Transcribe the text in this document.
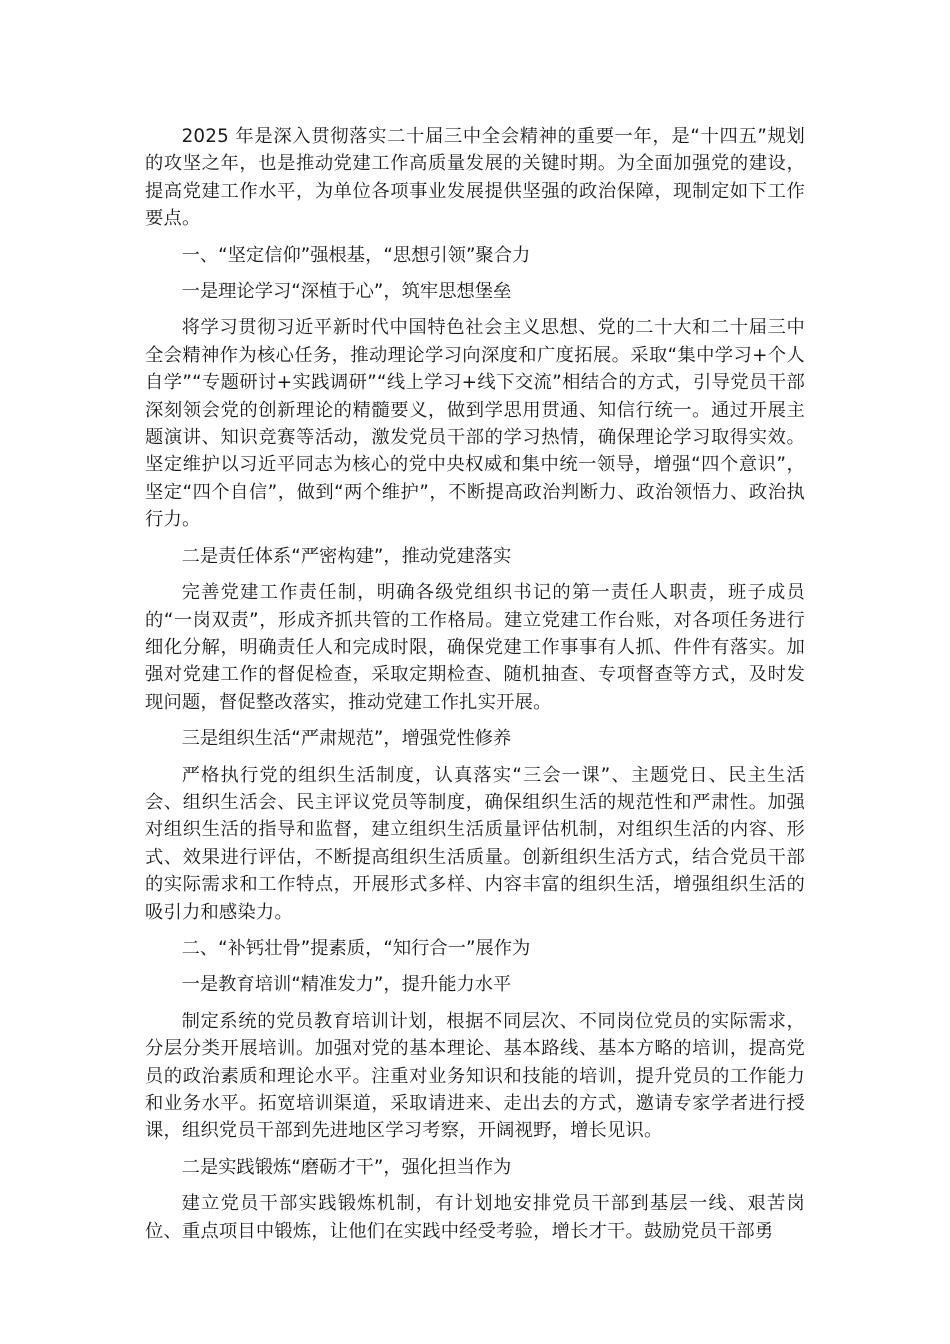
2025 年是深入贯彻落实二十届三中全会精神的重要一年，是“十四五”规划的攻坚之年，也是推动党建工作高质量发展的关键时期。为全面加强党的建设，提高党建工作水平，为单位各项事业发展提供坚强的政治保障，现制定如下工作要点。

一、“坚定信仰”强根基，“思想引领”聚合力

一是理论学习“深植于心”，筑牢思想堡垒

将学习贯彻习近平新时代中国特色社会主义思想、党的二十大和二十届三中全会精神作为核心任务，推动理论学习向深度和广度拓展。采取“集中学习+个人自学”“专题研讨+实践调研”“线上学习+线下交流”相结合的方式，引导党员干部深刻领会党的创新理论的精髓要义，做到学思用贯通、知信行统一。通过开展主题演讲、知识竞赛等活动，激发党员干部的学习热情，确保理论学习取得实效。坚定维护以习近平同志为核心的党中央权威和集中统一领导，增强“四个意识”，坚定“四个自信”，做到“两个维护”，不断提高政治判断力、政治领悟力、政治执行力。

二是责任体系“严密构建”，推动党建落实

完善党建工作责任制，明确各级党组织书记的第一责任人职责，班子成员的“一岗双责”，形成齐抓共管的工作格局。建立党建工作台账，对各项任务进行细化分解，明确责任人和完成时限，确保党建工作事事有人抓、件件有落实。加强对党建工作的督促检查，采取定期检查、随机抽查、专项督查等方式，及时发现问题，督促整改落实，推动党建工作扎实开展。

三是组织生活“严肃规范”，增强党性修养

严格执行党的组织生活制度，认真落实“三会一课”、主题党日、民主生活会、组织生活会、民主评议党员等制度，确保组织生活的规范性和严肃性。加强对组织生活的指导和监督，建立组织生活质量评估机制，对组织生活的内容、形式、效果进行评估，不断提高组织生活质量。创新组织生活方式，结合党员干部的实际需求和工作特点，开展形式多样、内容丰富的组织生活，增强组织生活的吸引力和感染力。

二、“补钙壮骨”提素质，“知行合一”展作为

一是教育培训“精准发力”，提升能力水平

制定系统的党员教育培训计划，根据不同层次、不同岗位党员的实际需求，分层分类开展培训。加强对党的基本理论、基本路线、基本方略的培训，提高党员的政治素质和理论水平。注重对业务知识和技能的培训，提升党员的工作能力和业务水平。拓宽培训渠道，采取请进来、走出去的方式，邀请专家学者进行授课，组织党员干部到先进地区学习考察，开阔视野，增长见识。

二是实践锻炼“磨砺才干”，强化担当作为

建立党员干部实践锻炼机制，有计划地安排党员干部到基层一线、艰苦岗位、重点项目中锻炼，让他们在实践中经受考验，增长才干。鼓励党员干部勇
